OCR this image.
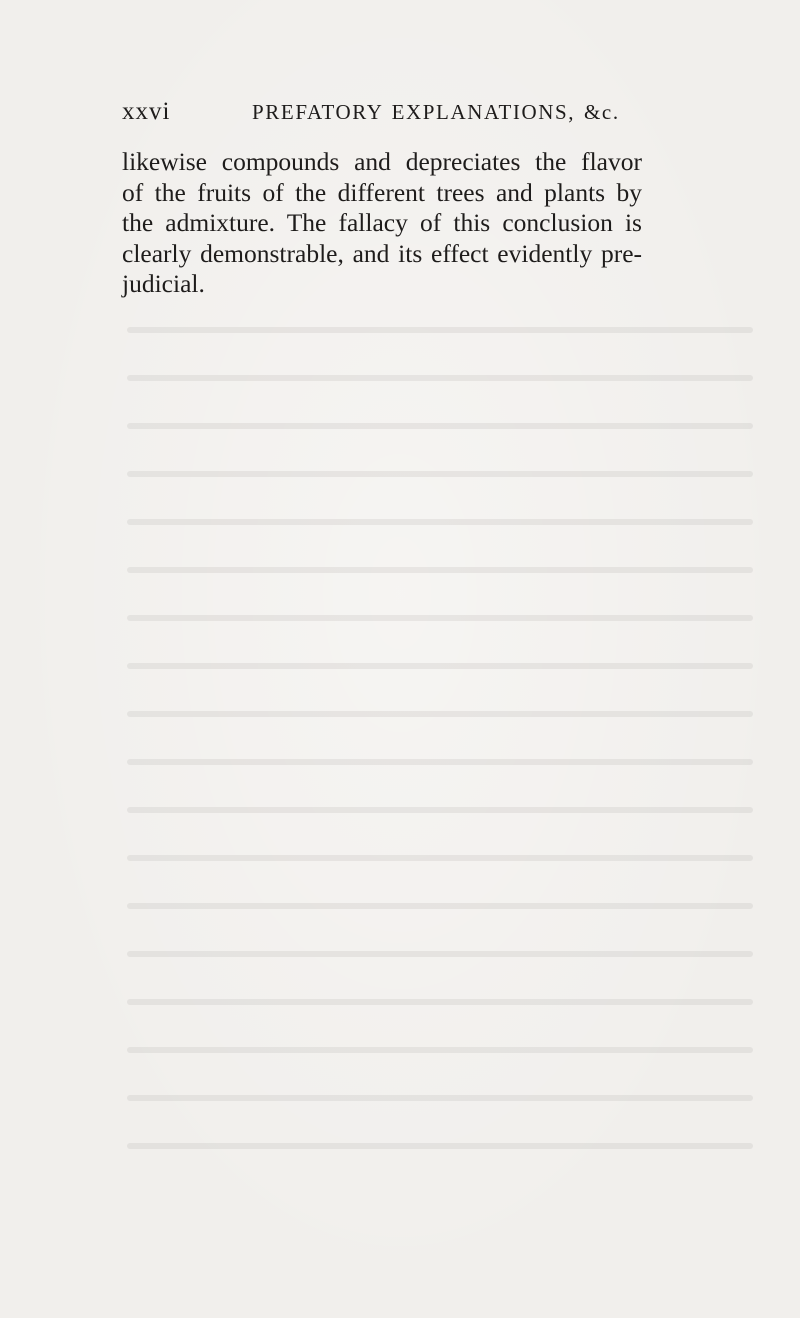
xxvi	PREFATORY EXPLANATIONS, &c.

likewise compounds and depreciates the flavor
of the fruits of the different trees and plants by
the admixture. The fallacy of this conclusion is
clearly demonstrable, and its effect evidently pre-
judicial.
